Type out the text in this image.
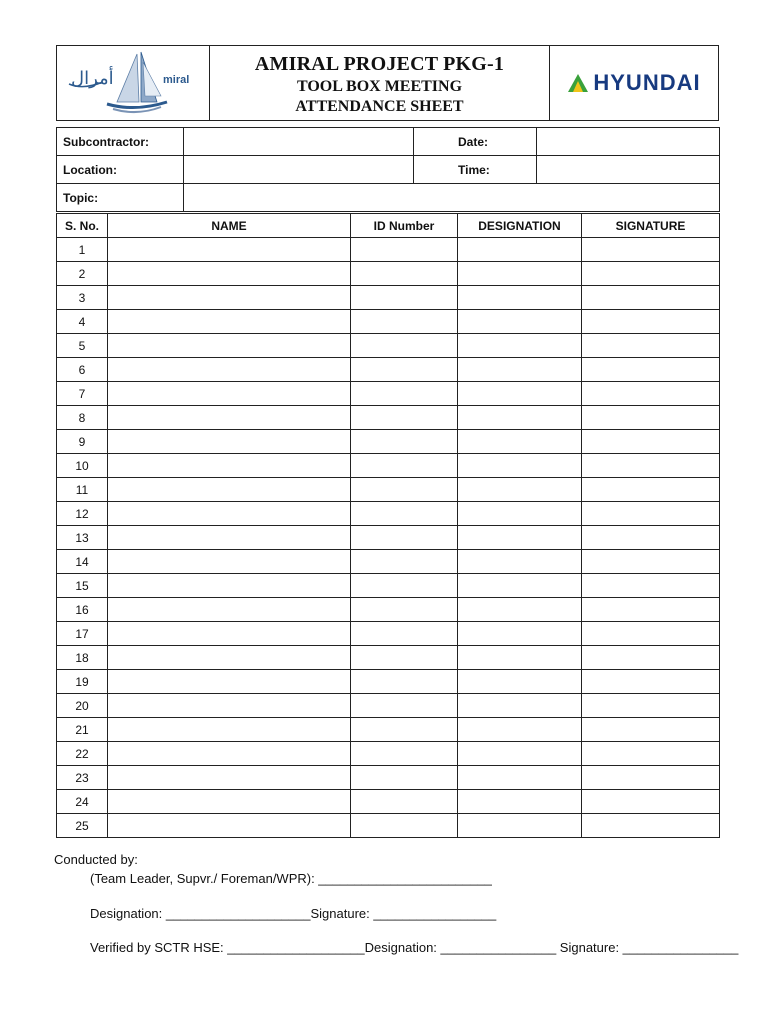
أمرال	miral
AMIRAL PROJECT PKG-1
TOOL BOX MEETING
ATTENDANCE SHEET
HYUNDAI
Subcontractor:		Date:	
Location:		Time:	
Topic:			
S. No.	NAME	ID Number	DESIGNATION	SIGNATURE
1				
2				
3				
4				
5				
6				
7				
8				
9				
10				
11				
12				
13				
14				
15				
16				
17				
18				
19				
20				
21				
22				
23				
24				
25				
Conducted by:
(Team Leader, Supvr./ Foreman/WPR): ________________________
Designation: ____________________Signature: _________________
Verified by SCTR HSE: ___________________Designation: ________________ Signature: ________________
